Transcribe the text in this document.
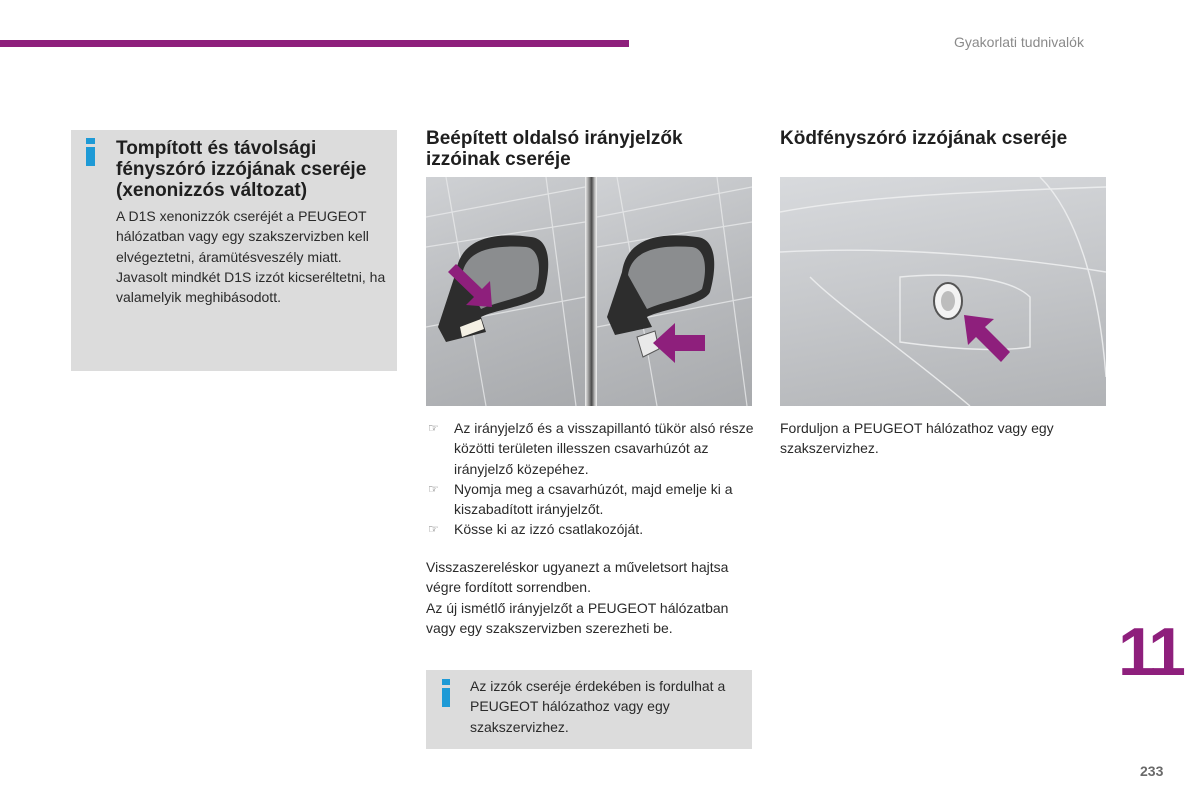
Gyakorlati tudnivalók
Tompított és távolsági fényszóró izzójának cseréje (xenonizzós változat)
A D1S xenonizzók cseréjét a PEUGEOT hálózatban vagy egy szakszervizben kell elvégeztetni, áramütésveszély miatt.
Javasolt mindkét D1S izzót kicseréltetni, ha valamelyik meghibásodott.
Beépített oldalsó irányjelzők izzóinak cseréje
Ködfényszóró izzójának cseréje
☞ Az irányjelző és a visszapillantó tükör alsó része közötti területen illesszen csavarhúzót az irányjelző közepéhez.
☞ Nyomja meg a csavarhúzót, majd emelje ki a kiszabadított irányjelzőt.
☞ Kösse ki az izzó csatlakozóját.
Visszaszereléskor ugyanezt a műveletsort hajtsa végre fordított sorrendben.
Az új ismétlő irányjelzőt a PEUGEOT hálózatban vagy egy szakszervizben szerezheti be.
Forduljon a PEUGEOT hálózathoz vagy egy szakszervizhez.
Az izzók cseréje érdekében is fordulhat a PEUGEOT hálózathoz vagy egy szakszervizhez.
11
233
